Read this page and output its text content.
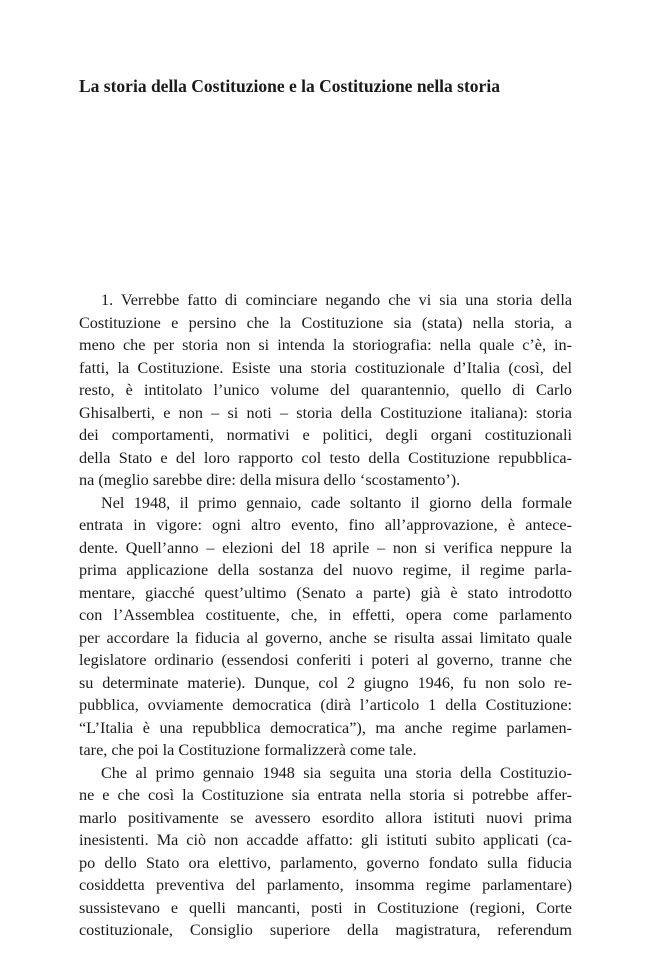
La storia della Costituzione e la Costituzione nella storia
1. Verrebbe fatto di cominciare negando che vi sia una storia della
Costituzione e persino che la Costituzione sia (stata) nella storia, a
meno che per storia non si intenda la storiografia: nella quale c’è, in-
fatti, la Costituzione. Esiste una storia costituzionale d’Italia (così, del
resto, è intitolato l’unico volume del quarantennio, quello di Carlo
Ghisalberti, e non – si noti – storia della Costituzione italiana): storia
dei comportamenti, normativi e politici, degli organi costituzionali
della Stato e del loro rapporto col testo della Costituzione repubblica-
na (meglio sarebbe dire: della misura dello ‘scostamento’).
Nel 1948, il primo gennaio, cade soltanto il giorno della formale
entrata in vigore: ogni altro evento, fino all’approvazione, è antece-
dente. Quell’anno – elezioni del 18 aprile – non si verifica neppure la
prima applicazione della sostanza del nuovo regime, il regime parla-
mentare, giacché quest’ultimo (Senato a parte) già è stato introdotto
con l’Assemblea costituente, che, in effetti, opera come parlamento
per accordare la fiducia al governo, anche se risulta assai limitato quale
legislatore ordinario (essendosi conferiti i poteri al governo, tranne che
su determinate materie). Dunque, col 2 giugno 1946, fu non solo re-
pubblica, ovviamente democratica (dirà l’articolo 1 della Costituzione:
“L’Italia è una repubblica democratica”), ma anche regime parlamen-
tare, che poi la Costituzione formalizzerà come tale.
Che al primo gennaio 1948 sia seguita una storia della Costituzio-
ne e che così la Costituzione sia entrata nella storia si potrebbe affer-
marlo positivamente se avessero esordito allora istituti nuovi prima
inesistenti. Ma ciò non accadde affatto: gli istituti subito applicati (ca-
po dello Stato ora elettivo, parlamento, governo fondato sulla fiducia
cosiddetta preventiva del parlamento, insomma regime parlamentare)
sussistevano e quelli mancanti, posti in Costituzione (regioni, Corte
costituzionale, Consiglio superiore della magistratura, referendum
